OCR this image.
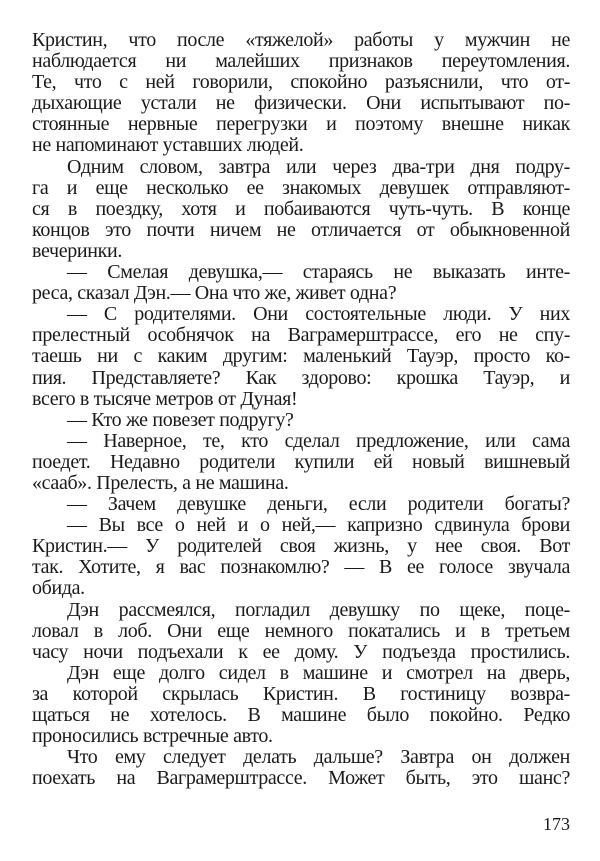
Кристин, что после «тяжелой» работы у мужчин не
наблюдается ни малейших признаков переутомления.
Те, что с ней говорили, спокойно разъяснили, что от-
дыхающие устали не физически. Они испытывают по-
стоянные нервные перегрузки и поэтому внешне никак
не напоминают уставших людей.
Одним словом, завтра или через два-три дня подру-
га и еще несколько ее знакомых девушек отправляют-
ся в поездку, хотя и побаиваются чуть-чуть. В конце
концов это почти ничем не отличается от обыкновенной
вечеринки.
— Смелая девушка,— стараясь не выказать инте-
реса, сказал Дэн.— Она что же, живет одна?
— С родителями. Они состоятельные люди. У них
прелестный особнячок на Ваграмерштрассе, его не спу-
таешь ни с каким другим: маленький Тауэр, просто ко-
пия. Представляете? Как здорово: крошка Тауэр, и
всего в тысяче метров от Дуная!
— Кто же повезет подругу?
— Наверное, те, кто сделал предложение, или сама
поедет. Недавно родители купили ей новый вишневый
«сааб». Прелесть, а не машина.
— Зачем девушке деньги, если родители богаты?
— Вы все о ней и о ней,— капризно сдвинула брови
Кристин.— У родителей своя жизнь, у нее своя. Вот
так. Хотите, я вас познакомлю? — В ее голосе звучала
обида.
Дэн рассмеялся, погладил девушку по щеке, поце-
ловал в лоб. Они еще немного покатались и в третьем
часу ночи подъехали к ее дому. У подъезда простились.
Дэн еще долго сидел в машине и смотрел на дверь,
за которой скрылась Кристин. В гостиницу возвра-
щаться не хотелось. В машине было покойно. Редко
проносились встречные авто.
Что ему следует делать дальше? Завтра он должен
поехать на Ваграмерштрассе. Может быть, это шанс?
173
